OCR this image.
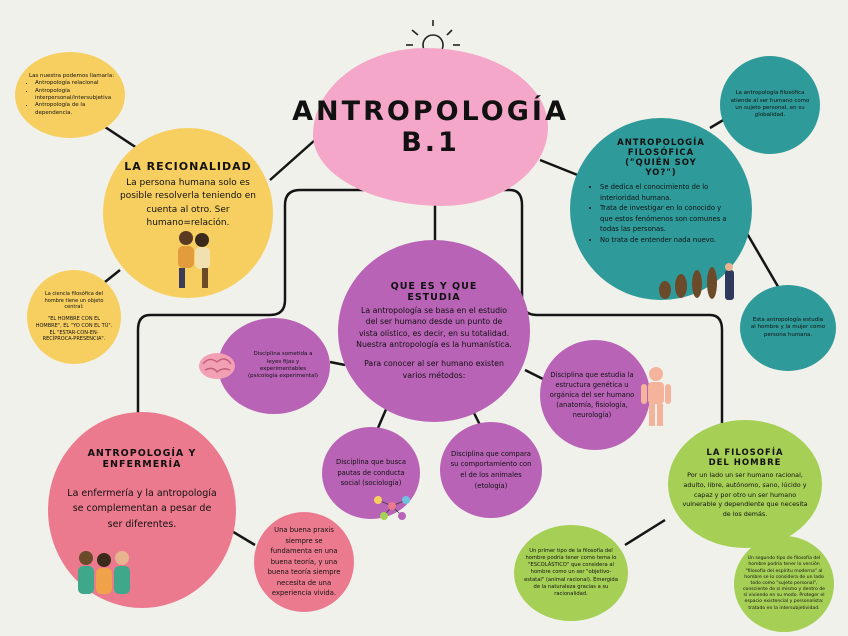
ANTROPOLOGÍA
B.1
Las nuestra podemos llamarla:
• Antropología relacional
• Antropología interpersonal/intersubjetiva
• Antropología de la dependencia.
LA RECIONALIDAD
La persona humana solo es posible resolverla teniendo en cuenta al otro. Ser humano=relación.
La ciencia filosófica del hombre tiene un objeto central:
"EL HOMBRE CON EL HOMBRE", EL "YO CON EL TÚ". EL "ESTAR-CON-EN-RECÍPROCA-PRESENCIA".
La antropología filosófica atiende al ser humano como un sujeto personal, en su globalidad.
ANTROPOLOGÍA FILOSÓFICA ("QUIÉN SOY YO?")
• Se dedica el conocimiento de lo interioridad humana.
• Trata de investigar en lo conocido y que estos fenómenos son comunes a todas las personas.
• No trata de entender nada nuevo.
Esta antropología estudia al hombre y la mujer como persona humana.
QUE ES Y QUE ESTUDIA
La antropología se basa en el estudio del ser humano desde un punto de vista olístico, es decir, en su totalidad.
Nuestra antropología es la humanística.
Para conocer al ser humano existen varios métodos:
Disciplina sometida a leyes fijas y experimentables (psicología experimental)	Disciplina que estudia la estructura genética u orgánica del ser humano (anatomía, fisiología, neurología)
Disciplina que busca pautas de conducta social (sociología)
Disciplina que compara su comportamiento con el de los animales (etología)
ANTROPOLOGÍA Y ENFERMERÍA
La enfermería y la antropología se complementan a pesar de ser diferentes.
Una buena praxis siempre se fundamenta en una buena teoría, y una buena teoría siempre necesita de una experiencia vivida.
LA FILOSOFÍA DEL HOMBRE
Por un lado un ser humano racional, adulto, libre, autónomo, sano, lúcido y capaz y por otro un ser humano vulnerable y dependiente que necesita de los demás.
Un primer tipo de la filosofía del hombre podría tener como tema lo "ESCOLÁSTICO" que considera al hombre como un ser "objetivo-estatal" (animal racional). Emergida de la naturaleza gracias a su racionalidad.
Un segundo tipo de filosofía del hombre podría tener lo versión "filosofía del espíritu moderna" al hombre se lo considera de un lado todo como "sujeto personal", consciente de sí mismo y dentro de sí viviendo en su modo. Proteger el espacio existencial y personalista: tratado en la intersubjetividad.
